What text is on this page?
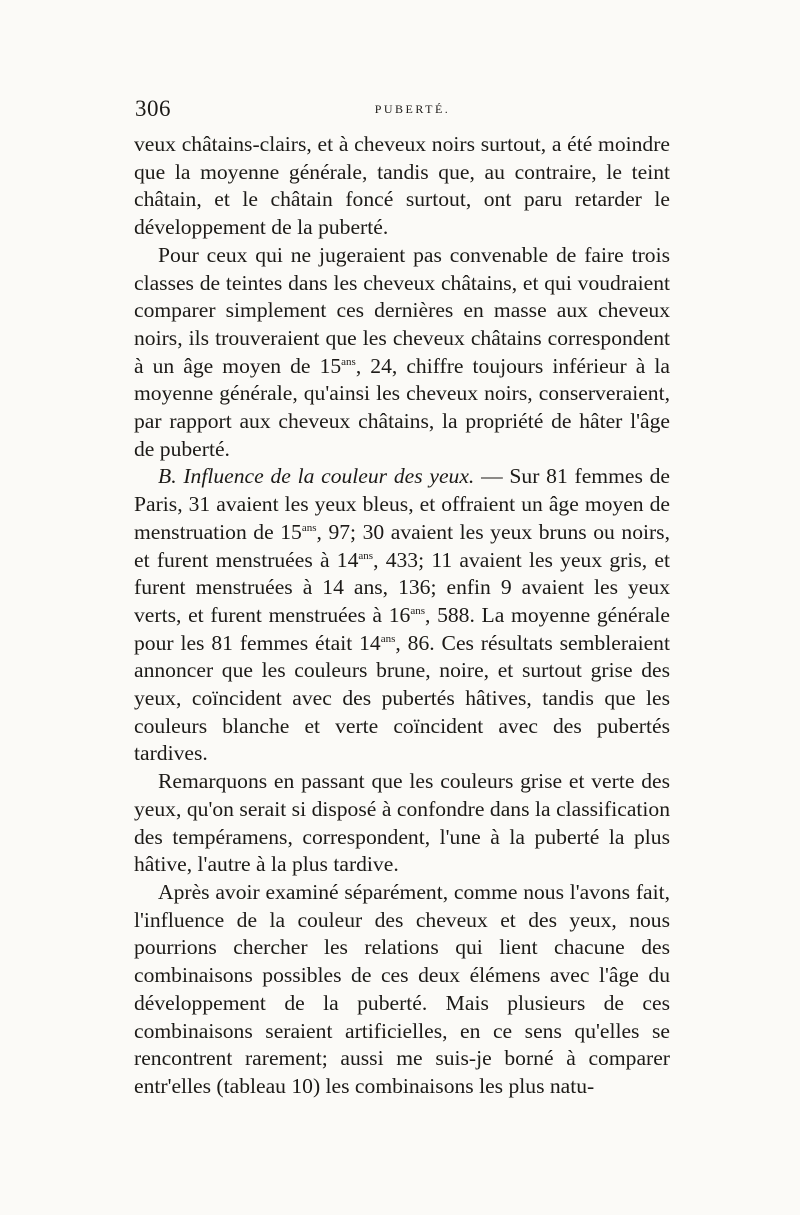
306	PUBERTÉ.

veux châtains-clairs, et à cheveux noirs surtout, a été moindre que la moyenne générale, tandis que, au contraire, le teint châtain, et le châtain foncé surtout, ont paru retarder le développement de la puberté.

Pour ceux qui ne jugeraient pas convenable de faire trois classes de teintes dans les cheveux châtains, et qui voudraient comparer simplement ces dernières en masse aux cheveux noirs, ils trouveraient que les cheveux châtains correspondent à un âge moyen de $15^{ans}$, 24, chiffre toujours inférieur à la moyenne générale, qu'ainsi les cheveux noirs, conserveraient, par rapport aux cheveux châtains, la propriété de hâter l'âge de puberté.

B. Influence de la couleur des yeux. — Sur 81 femmes de Paris, 31 avaient les yeux bleus, et offraient un âge moyen de menstruation de $15^{ans}$, 97; 30 avaient les yeux bruns ou noirs, et furent menstruées à $14^{ans}$, 433; 11 avaient les yeux gris, et furent menstruées à 14 ans, 136; enfin 9 avaient les yeux verts, et furent menstruées à $16^{ans}$, 588. La moyenne générale pour les 81 femmes était $14^{ans}$, 86. Ces résultats sembleraient annoncer que les couleurs brune, noire, et surtout grise des yeux, coïncident avec des pubertés hâtives, tandis que les couleurs blanche et verte coïncident avec des pubertés tardives.

Remarquons en passant que les couleurs grise et verte des yeux, qu'on serait si disposé à confondre dans la classification des tempéramens, correspondent, l'une à la puberté la plus hâtive, l'autre à la plus tardive.

Après avoir examiné séparément, comme nous l'avons fait, l'influence de la couleur des cheveux et des yeux, nous pourrions chercher les relations qui lient chacune des combinaisons possibles de ces deux élémens avec l'âge du développement de la puberté. Mais plusieurs de ces combinaisons seraient artificielles, en ce sens qu'elles se rencontrent rarement; aussi me suis-je borné à comparer entr'elles (tableau 10) les combinaisons les plus natu-
